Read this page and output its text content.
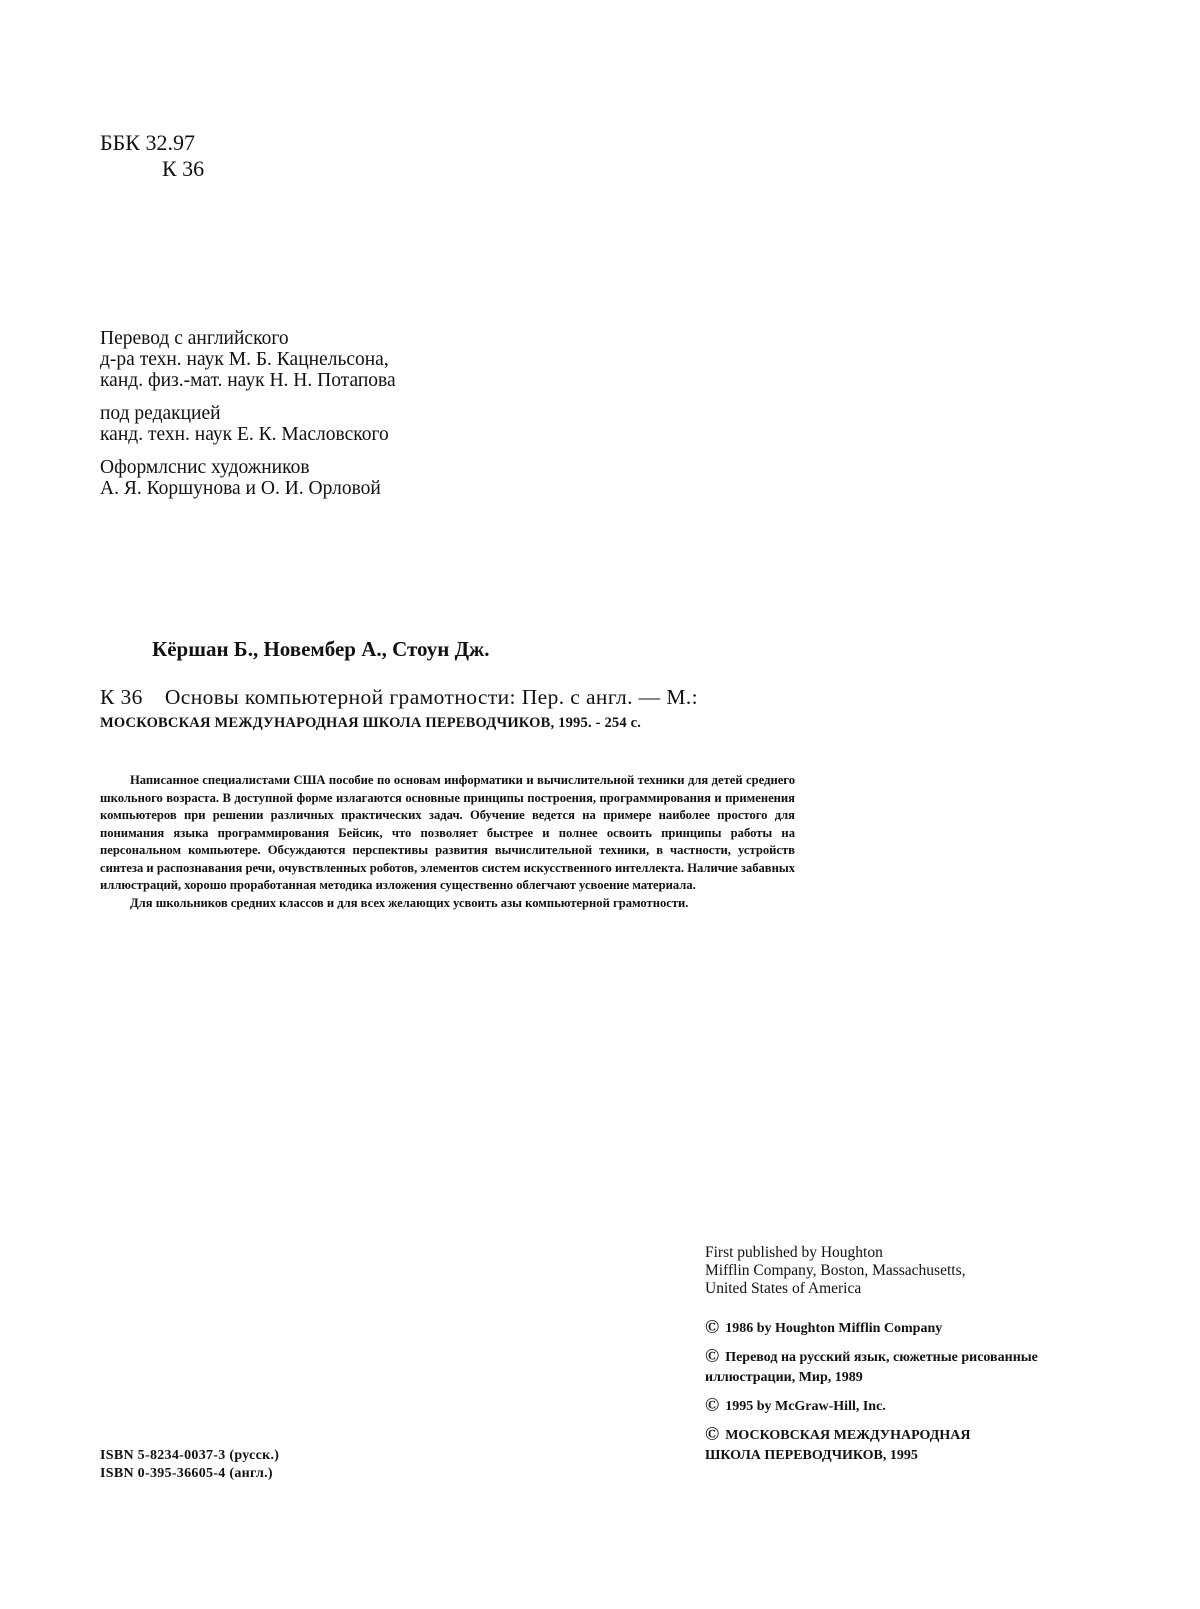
ББК 32.97
К 36
Перевод с английского
д-ра техн. наук М. Б. Кацнельсона,
канд. физ.-мат. наук Н. Н. Потапова
под редакцией
канд. техн. наук Е. К. Масловского
Оформлснис художников
А. Я. Коршунова и О. И. Орловой
Кёршан Б., Новембер А., Стоун Дж.
К 36 Основы компьютерной грамотности: Пер. с англ. — М.:
МОСКОВСКАЯ МЕЖДУНАРОДНАЯ ШКОЛА ПЕРЕВОДЧИКОВ, 1995. - 254 с.

Написанное специалистами США пособие по основам информатики и вычислительной техники для детей среднего школьного возраста. В доступной форме излагаются основные принципы построения, программирования и применения компьютеров при решении различных практических задач. Обучение ведется на примере наиболее простого для понимания языка программирования Бейсик, что позволяет быстрее и полнее освоить принципы работы на персональном компьютере. Обсуждаются перспективы развития вычислительной техники, в частности, устройств синтеза и распознавания речи, очувствленных роботов, элементов систем искусственного интеллекта. Наличие забавных иллюстраций, хорошо проработанная методика изложения существенно облегчают усвоение материала.

Для школьников средних классов и для всех желающих усвоить азы компьютерной грамотности.

First published by Houghton
Mifflin Company, Boston, Massachusetts,
United States of America
© 1986 by Houghton Mifflin Company
© Перевод на русский язык, сюжетные рисованные
иллюстрации, Мир, 1989
© 1995 by McGraw-Hill, Inc.
© МОСКОВСКАЯ МЕЖДУНАРОДНАЯ
ШКОЛА ПЕРЕВОДЧИКОВ, 1995
ISBN 5-8234-0037-3 (русск.)
ISBN 0-395-36605-4 (англ.)
